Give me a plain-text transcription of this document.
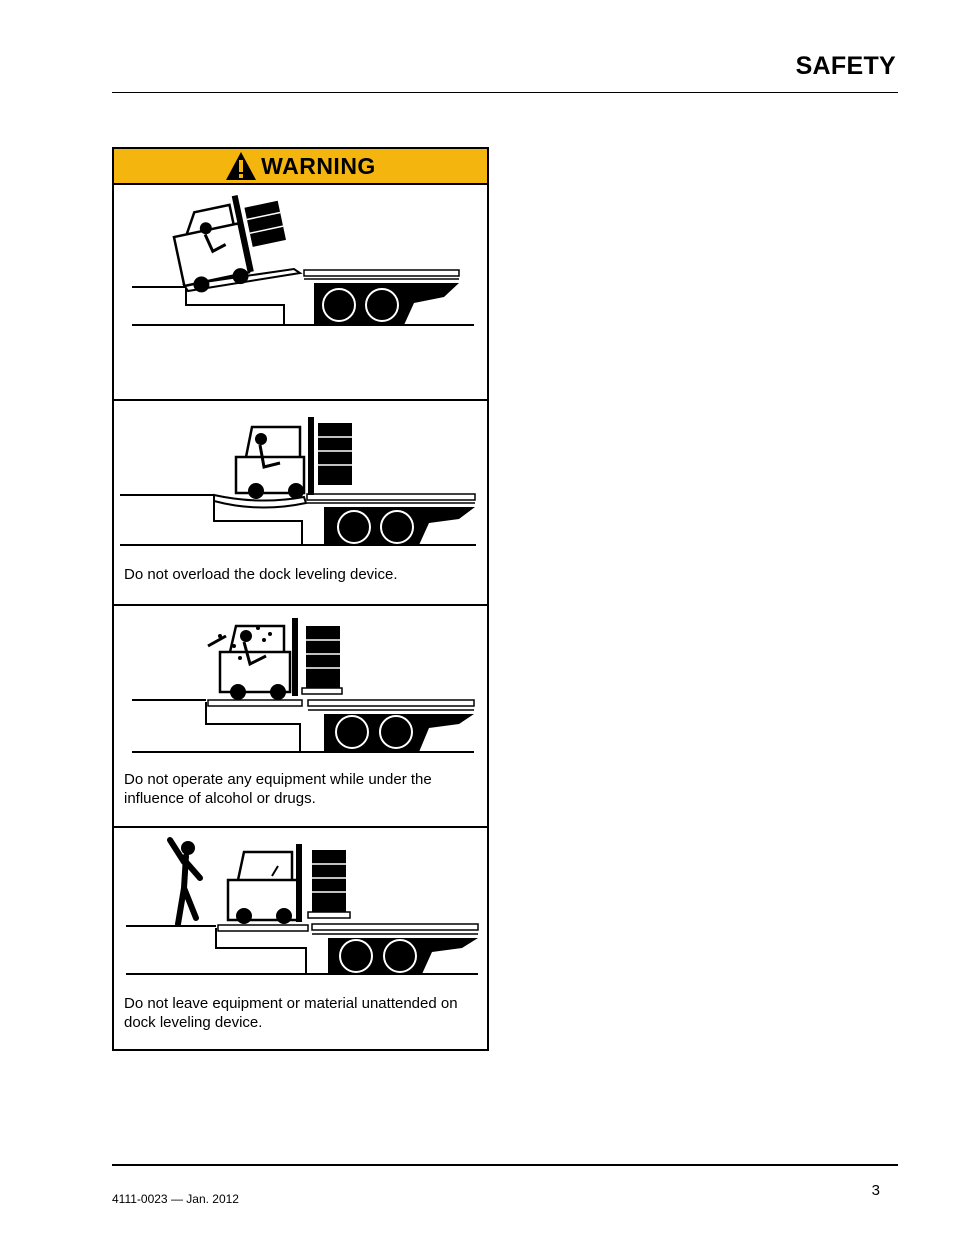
SAFETY
WARNING
Do not overload the dock leveling device.
Do not operate any equipment while under the influence of alcohol or drugs.
Do not leave equipment or material unattended on dock leveling device.
4111-0023 — Jan. 2012	3
